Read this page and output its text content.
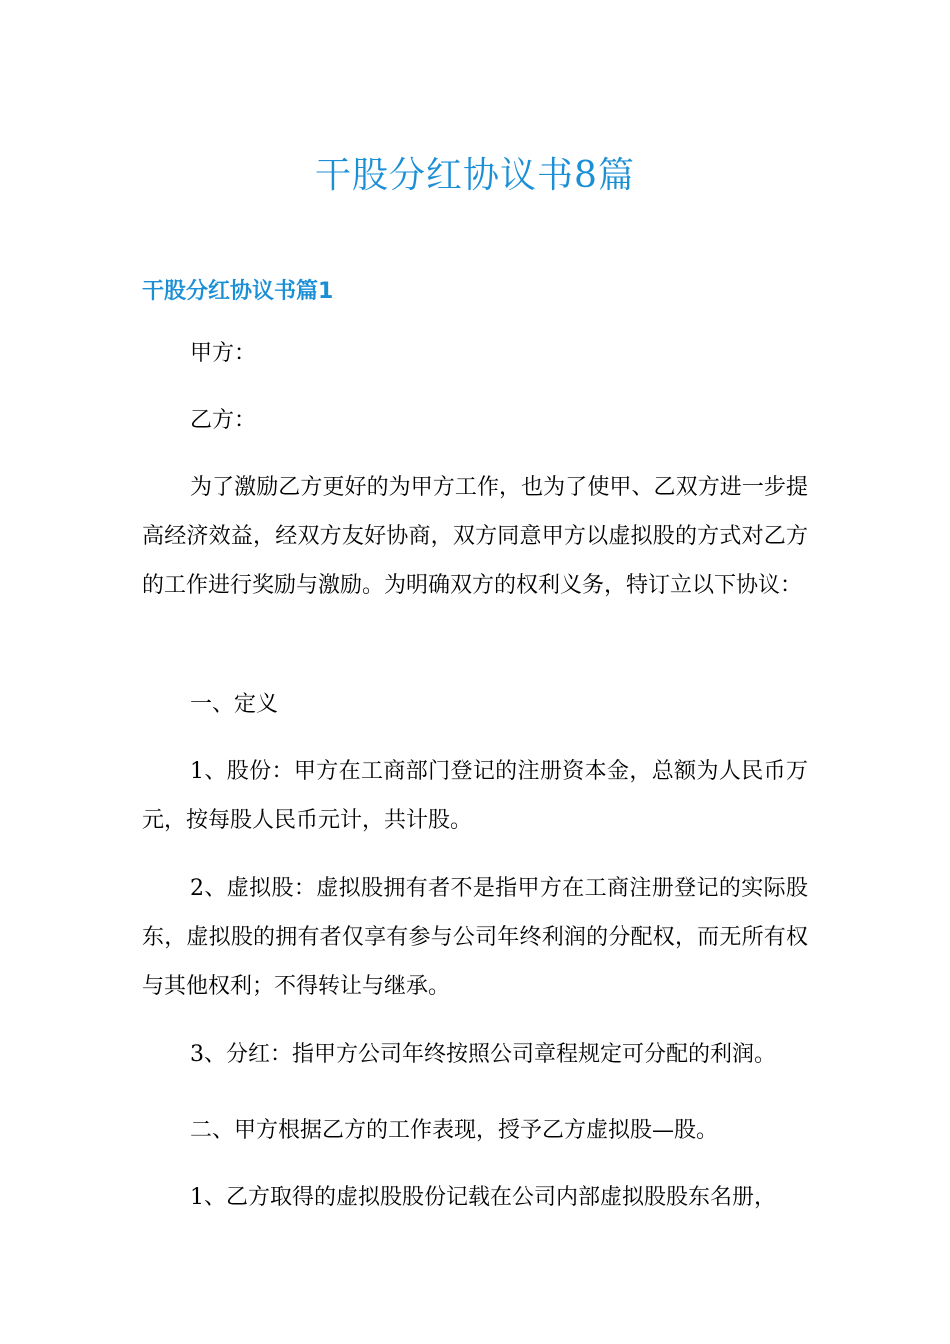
干股分红协议书8篇
干股分红协议书篇1

甲方：

乙方：

为了激励乙方更好的为甲方工作，也为了使甲、乙双方进一步提高经济效益，经双方友好协商，双方同意甲方以虚拟股的方式对乙方的工作进行奖励与激励。为明确双方的权利义务，特订立以下协议：

一、定义

1、股份：甲方在工商部门登记的注册资本金，总额为人民币万元，按每股人民币元计，共计股。

2、虚拟股：虚拟股拥有者不是指甲方在工商注册登记的实际股东，虚拟股的拥有者仅享有参与公司年终利润的分配权，而无所有权与其他权利；不得转让与继承。

3、分红：指甲方公司年终按照公司章程规定可分配的利润。

二、甲方根据乙方的工作表现，授予乙方虚拟股—股。

1、乙方取得的虚拟股股份记载在公司内部虚拟股股东名册，
